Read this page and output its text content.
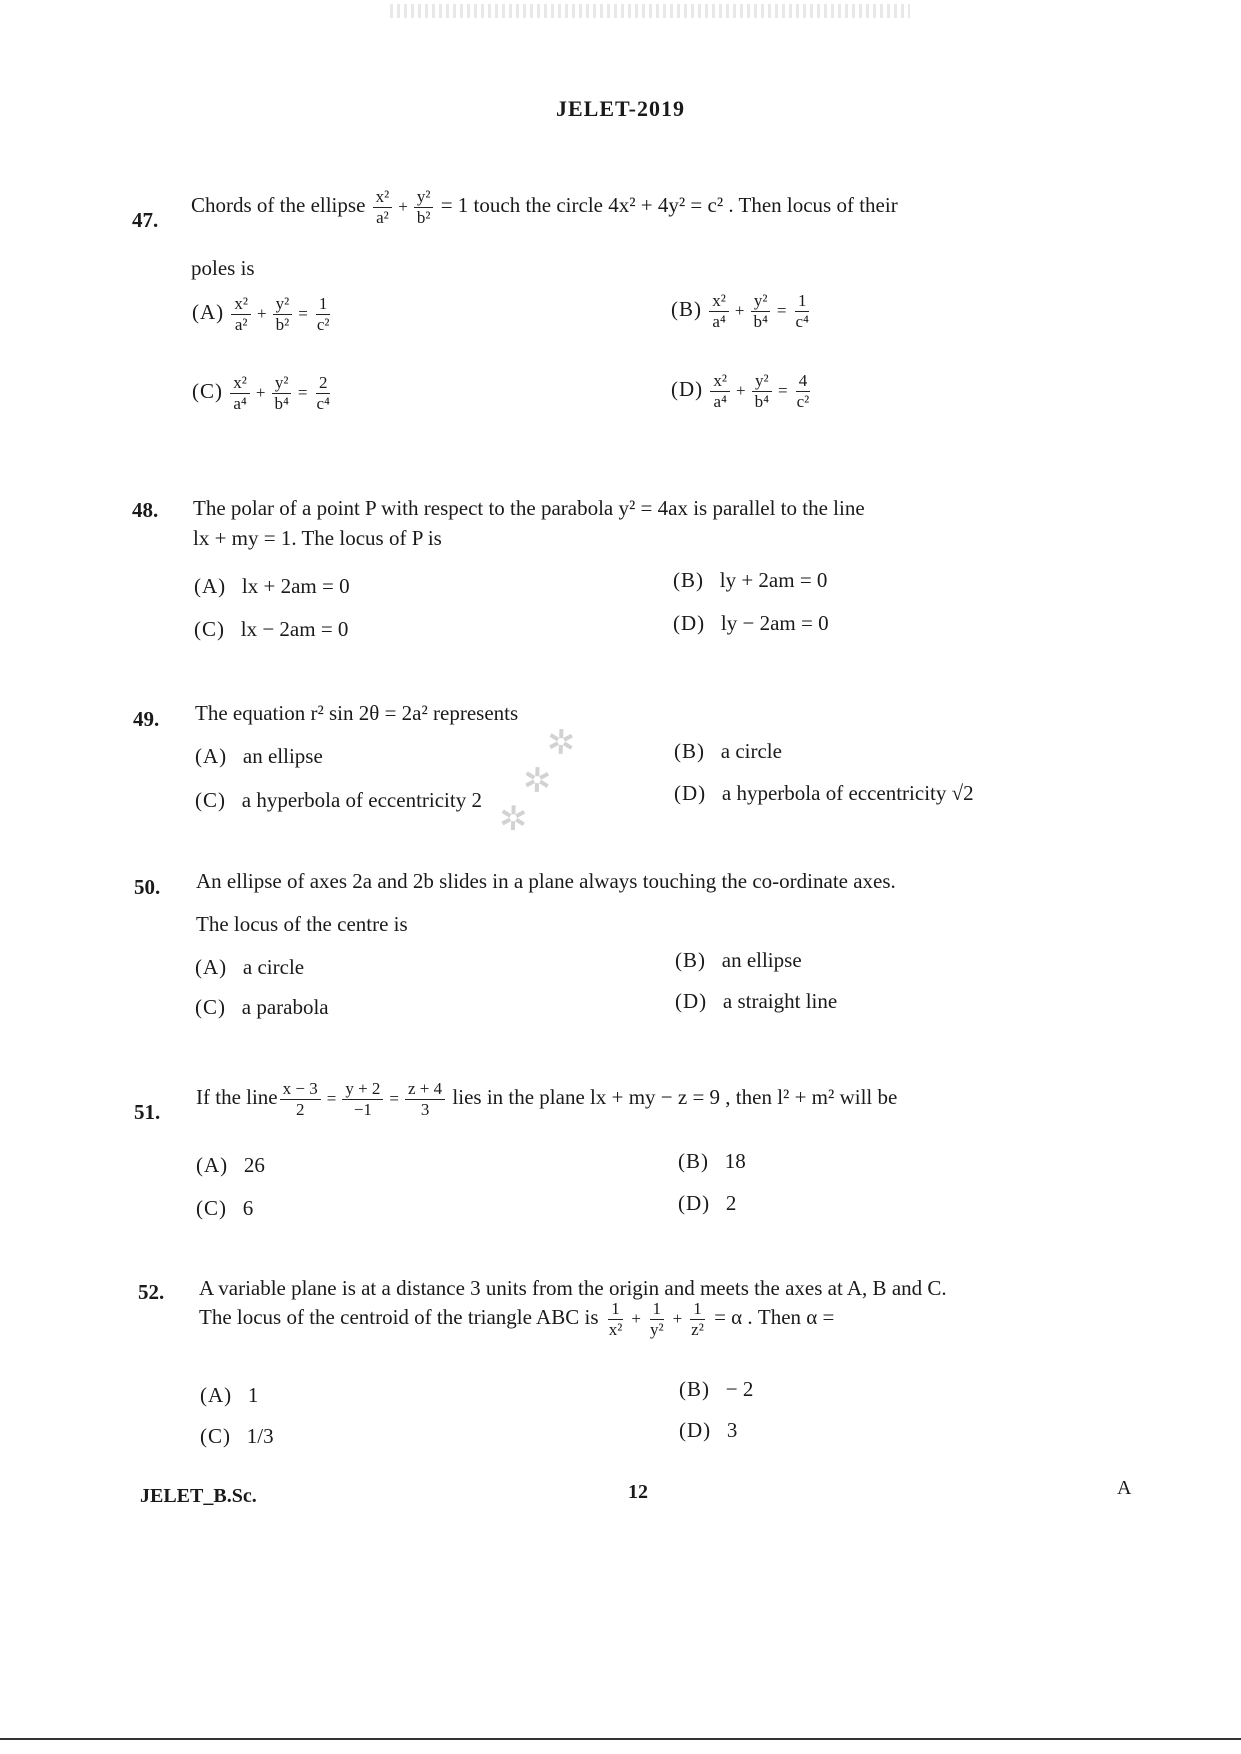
JELET-2019
47.
Chords of the ellipse $\frac{\text{x²}}{\text{a²}} + \frac{\text{y²}}{\text{b²}} = 1$ touch the circle 4x² + 4y² = c² . Then locus of their
poles is
$(A) \frac{\text{x²}}{\text{a²}} + \frac{\text{y²}}{\text{b²}} = \frac{1}{\text{c²}}$	$(B) \frac{\text{x²}}{\text{a⁴}} + \frac{\text{y²}}{\text{b⁴}} = \frac{1}{\text{c⁴}}$
$(C) \frac{\text{x²}}{\text{a⁴}} + \frac{\text{y²}}{\text{b⁴}} = \frac{2}{\text{c⁴}}$	$(D) \frac{\text{x²}}{\text{a⁴}} + \frac{\text{y²}}{\text{b⁴}} = \frac{4}{\text{c²}}$
48. The polar of a point P with respect to the parabola y² = 4ax is parallel to the line
lx + my = 1. The locus of P is
(A) lx + 2am = 0	(B) ly + 2am = 0
(C) lx − 2am = 0	(D) ly − 2am = 0
49. The equation r² sin 2θ = 2a² represents
(A) an ellipse	(B) a circle
(C) a hyperbola of eccentricity 2	(D) a hyperbola of eccentricity √2
50. An ellipse of axes 2a and 2b slides in a plane always touching the co-ordinate axes.
The locus of the centre is
(A) a circle	(B) an ellipse
(C) a parabola	(D) a straight line
✲ ✲ ✲
51.
If the line $\frac{x - 3}{2} = \frac{y + 2}{-1} = \frac{z + 4}{3}$ lies in the plane lx + my − z = 9 , then l² + m² will be
(A) 26	(B) 18
(C) 6	(D) 2
52. A variable plane is at a distance 3 units from the origin and meets the axes at A, B and C.
The locus of the centroid of the triangle ABC is $\frac{1}{\text{x²}} + \frac{1}{\text{y²}} + \frac{1}{\text{z²}} = \alpha$ . Then α =
(A) 1	(B) − 2
(C) 1/3	(D) 3
JELET_B.Sc.	12	A
